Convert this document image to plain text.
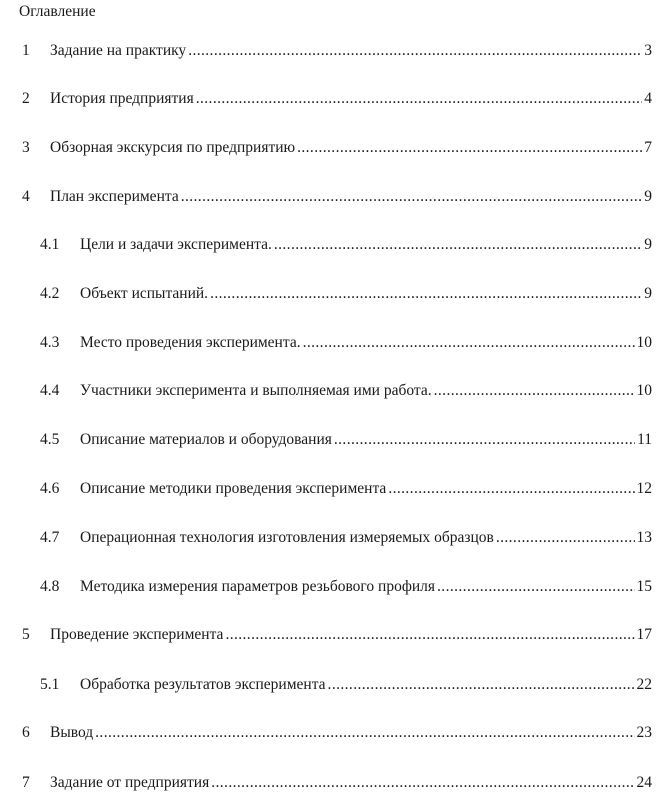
Оглавление
1 Задание на практику .....	3
2 История предприятия .....	4
3 Обзорная экскурсия по предприятию .....	7
4 План эксперимента .....	9
4.1 Цели и задачи эксперимента. .....	9
4.2 Объект испытаний. .....	9
4.3 Место проведения эксперимента. .....	10
4.4 Участники эксперимента и выполняемая ими работа. .....	10
4.5 Описание материалов и оборудования .....	11
4.6 Описание методики проведения эксперимента .....	12
4.7 Операционная технология изготовления измеряемых образцов .....	13
4.8 Методика измерения параметров резьбового профиля .....	15
5 Проведение эксперимента .....	17
5.1 Обработка результатов эксперимента .....	22
6 Вывод .....	23
7 Задание от предприятия .....	24
